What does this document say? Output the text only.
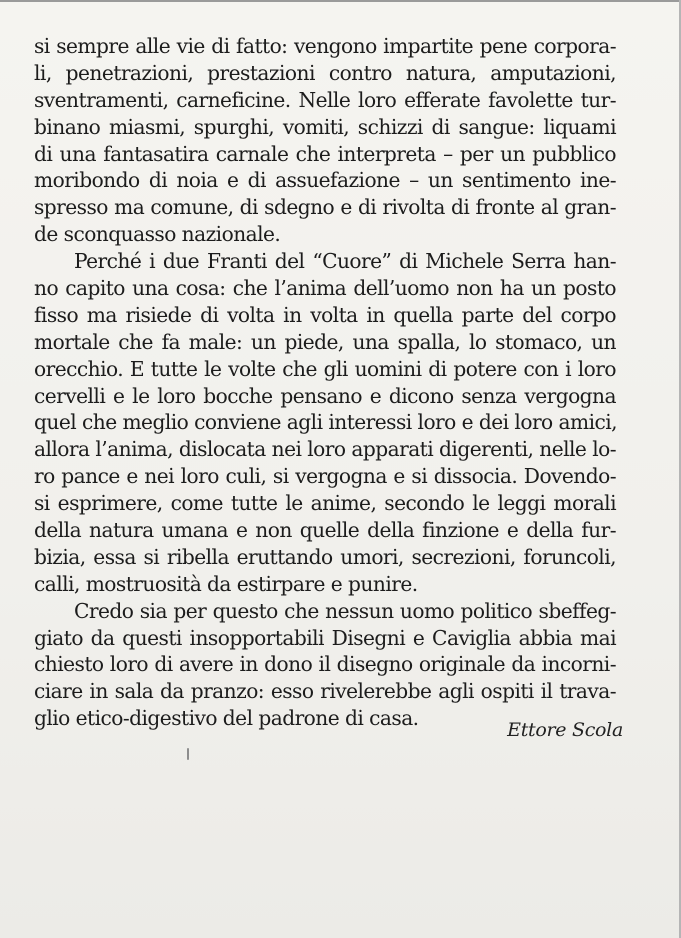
si sempre alle vie di fatto: vengono impartite pene corpora-
li, penetrazioni, prestazioni contro natura, amputazioni,
sventramenti, carneficine. Nelle loro efferate favolette tur-
binano miasmi, spurghi, vomiti, schizzi di sangue: liquami
di una fantasatira carnale che interpreta – per un pubblico
moribondo di noia e di assuefazione – un sentimento ine-
spresso ma comune, di sdegno e di rivolta di fronte al gran-
de sconquasso nazionale.
Perché i due Franti del “Cuore” di Michele Serra han-
no capito una cosa: che l’anima dell’uomo non ha un posto
fisso ma risiede di volta in volta in quella parte del corpo
mortale che fa male: un piede, una spalla, lo stomaco, un
orecchio. E tutte le volte che gli uomini di potere con i loro
cervelli e le loro bocche pensano e dicono senza vergogna
quel che meglio conviene agli interessi loro e dei loro amici,
allora l’anima, dislocata nei loro apparati digerenti, nelle lo-
ro pance e nei loro culi, si vergogna e si dissocia. Dovendo-
si esprimere, come tutte le anime, secondo le leggi morali
della natura umana e non quelle della finzione e della fur-
bizia, essa si ribella eruttando umori, secrezioni, foruncoli,
calli, mostruosità da estirpare e punire.
Credo sia per questo che nessun uomo politico sbeffeg-
giato da questi insopportabili Disegni e Caviglia abbia mai
chiesto loro di avere in dono il disegno originale da incorni-
ciare in sala da pranzo: esso rivelerebbe agli ospiti il trava-
glio etico-digestivo del padrone di casa.	Ettore Scola
